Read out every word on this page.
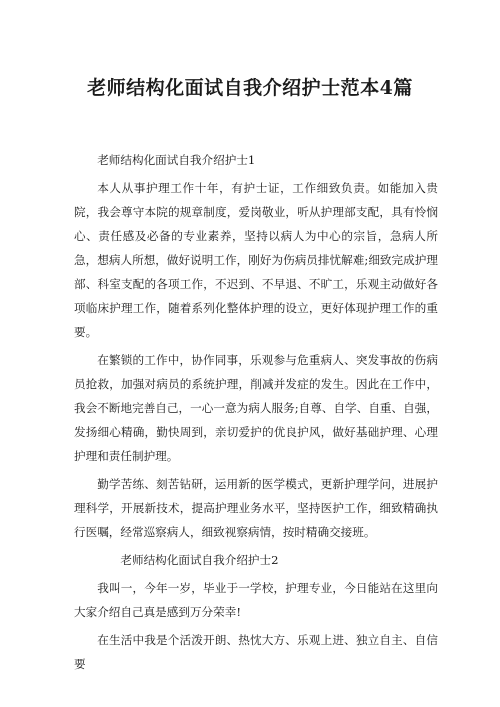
老师结构化面试自我介绍护士范本4篇

老师结构化面试自我介绍护士1

本人从事护理工作十年，有护士证，工作细致负责。如能加入贵院，我会尊守本院的规章制度，爱岗敬业，听从护理部支配，具有怜悯心、责任感及必备的专业素养，坚持以病人为中心的宗旨，急病人所急，想病人所想，做好说明工作，刚好为伤病员排忧解难;细致完成护理部、科室支配的各项工作，不迟到、不早退、不旷工，乐观主动做好各项临床护理工作，随着系列化整体护理的设立，更好体现护理工作的重要。

在繁锁的工作中，协作同事，乐观参与危重病人、突发事故的伤病员抢救，加强对病员的系统护理，削减并发症的发生。因此在工作中，我会不断地完善自己，一心一意为病人服务;自尊、自学、自重、自强，发扬细心精确，勤快周到，亲切爱护的优良护风，做好基础护理、心理护理和责任制护理。

勤学苦练、刻苦钻研，运用新的医学模式，更新护理学问，进展护理科学，开展新技术，提高护理业务水平，坚持医护工作，细致精确执行医嘱，经常巡察病人，细致视察病情，按时精确交接班。

老师结构化面试自我介绍护士2

我叫一，今年一岁，毕业于一学校，护理专业，今日能站在这里向大家介绍自己真是感到万分荣幸!

在生活中我是个活泼开朗、热忱大方、乐观上进、独立自主、自信要
